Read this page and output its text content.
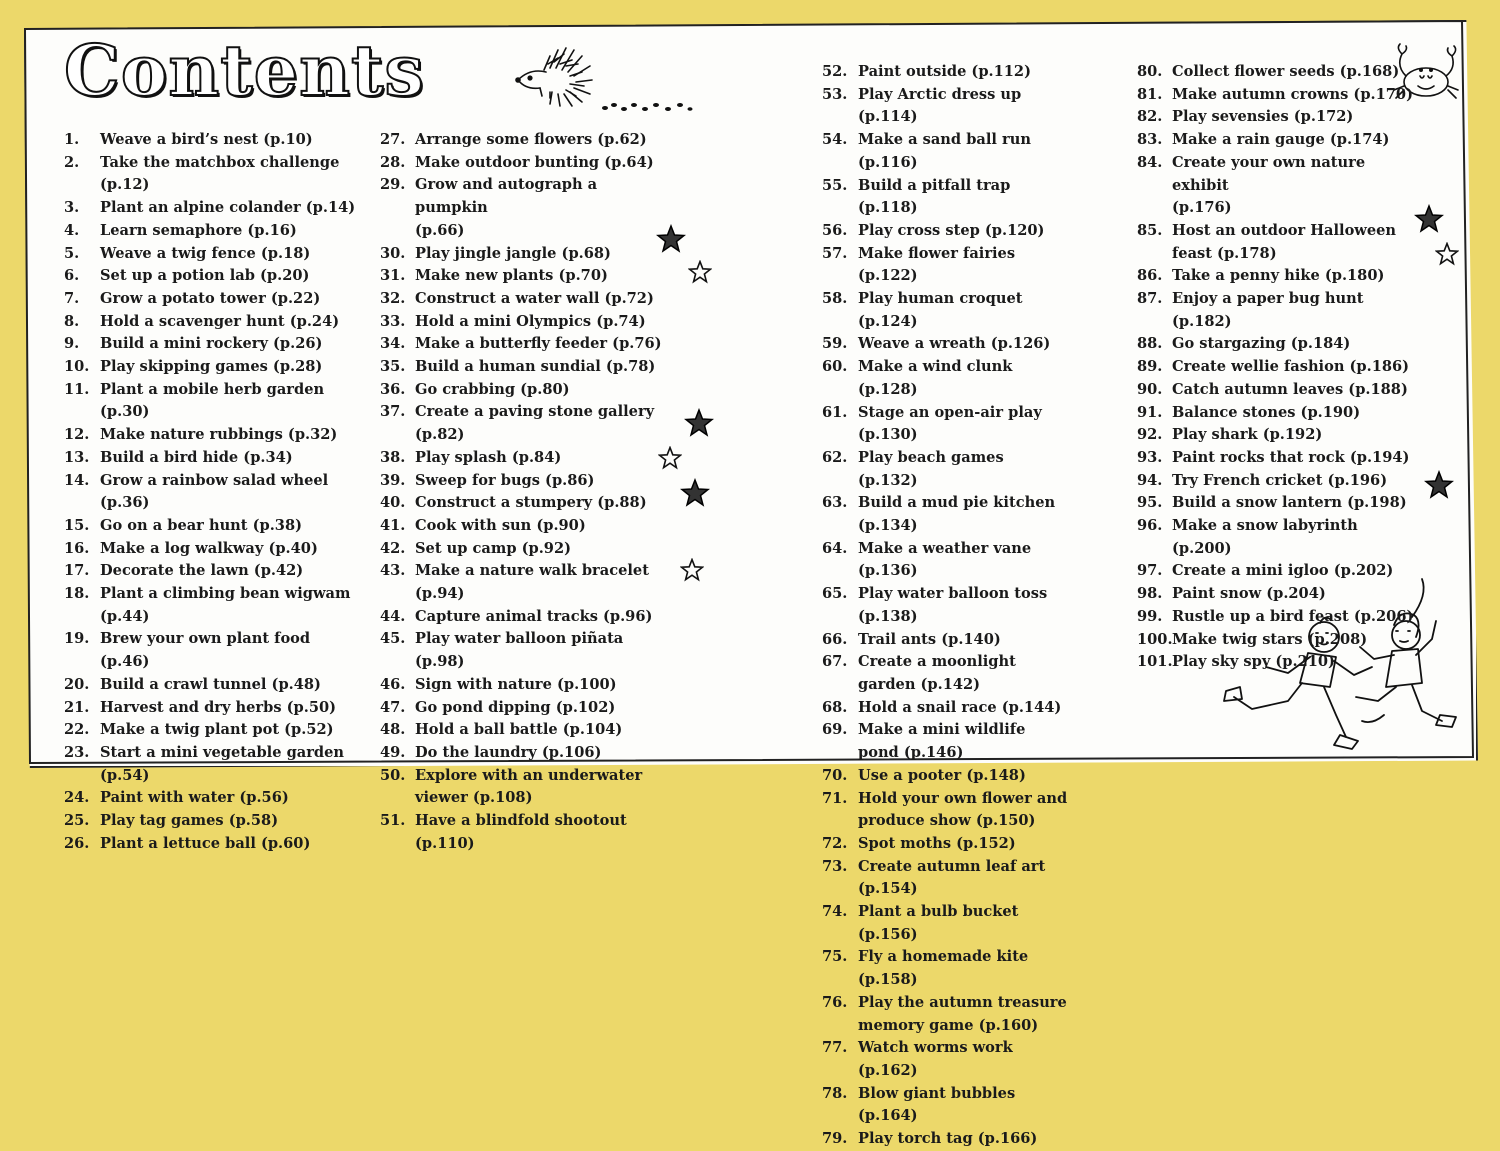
Contents
1.	Weave a bird’s nest (p.10)
2.	Take the matchbox challenge (p.12)
3.	Plant an alpine colander (p.14)
4.	Learn semaphore (p.16)
5.	Weave a twig fence (p.18)
6.	Set up a potion lab (p.20)
7.	Grow a potato tower (p.22)
8.	Hold a scavenger hunt (p.24)
9.	Build a mini rockery (p.26)
10. Play skipping games (p.28)
11. Plant a mobile herb garden (p.30)
12. Make nature rubbings (p.32)
13. Build a bird hide (p.34)
14. Grow a rainbow salad wheel (p.36)
15. Go on a bear hunt (p.38)
16. Make a log walkway (p.40)
17. Decorate the lawn (p.42)
18. Plant a climbing bean wigwam
(p.44)
19. Brew your own plant food (p.46)
20. Build a crawl tunnel (p.48)
21. Harvest and dry herbs (p.50)
22. Make a twig plant pot (p.52)
23. Start a mini vegetable garden (p.54)
24. Paint with water (p.56)
25. Play tag games (p.58)
26. Plant a lettuce ball (p.60)
27. Arrange some flowers (p.62)
28. Make outdoor bunting (p.64)
29. Grow and autograph a pumpkin
(p.66)
30. Play jingle jangle (p.68)
31. Make new plants (p.70)
32. Construct a water wall (p.72)
33. Hold a mini Olympics (p.74)
34. Make a butterfly feeder (p.76)
35. Build a human sundial (p.78)
36. Go crabbing (p.80)
37. Create a paving stone gallery (p.82)
38. Play splash (p.84)
39. Sweep for bugs (p.86)
40. Construct a stumpery (p.88)
41. Cook with sun (p.90)
42. Set up camp (p.92)
43. Make a nature walk bracelet (p.94)
44. Capture animal tracks (p.96)
45. Play water balloon piñata (p.98)
46. Sign with nature (p.100)
47. Go pond dipping (p.102)
48. Hold a ball battle (p.104)
49. Do the laundry (p.106)
50. Explore with an underwater
viewer (p.108)
51. Have a blindfold shootout (p.110)
52. Paint outside (p.112)
53. Play Arctic dress up (p.114)
54. Make a sand ball run (p.116)
55. Build a pitfall trap (p.118)
56. Play cross step (p.120)
57. Make flower fairies (p.122)
58. Play human croquet (p.124)
59. Weave a wreath (p.126)
60. Make a wind clunk (p.128)
61. Stage an open-air play (p.130)
62. Play beach games (p.132)
63. Build a mud pie kitchen (p.134)
64. Make a weather vane (p.136)
65. Play water balloon toss (p.138)
66. Trail ants (p.140)
67. Create a moonlight garden (p.142)
68. Hold a snail race (p.144)
69. Make a mini wildlife pond (p.146)
70. Use a pooter (p.148)
71. Hold your own flower and
produce show (p.150)
72. Spot moths (p.152)
73. Create autumn leaf art (p.154)
74. Plant a bulb bucket (p.156)
75. Fly a homemade kite (p.158)
76. Play the autumn treasure
memory game (p.160)
77. Watch worms work (p.162)
78. Blow giant bubbles (p.164)
79. Play torch tag (p.166)
80. Collect flower seeds (p.168)
81. Make autumn crowns (p.170)
82. Play sevensies (p.172)
83. Make a rain gauge (p.174)
84. Create your own nature exhibit
(p.176)
85. Host an outdoor Halloween
feast (p.178)
86. Take a penny hike (p.180)
87. Enjoy a paper bug hunt (p.182)
88. Go stargazing (p.184)
89. Create wellie fashion (p.186)
90. Catch autumn leaves (p.188)
91. Balance stones (p.190)
92. Play shark (p.192)
93. Paint rocks that rock (p.194)
94. Try French cricket (p.196)
95. Build a snow lantern (p.198)
96. Make a snow labyrinth (p.200)
97. Create a mini igloo (p.202)
98. Paint snow (p.204)
99. Rustle up a bird feast (p.206)
100. Make twig stars (p.208)
101. Play sky spy (p.210)
